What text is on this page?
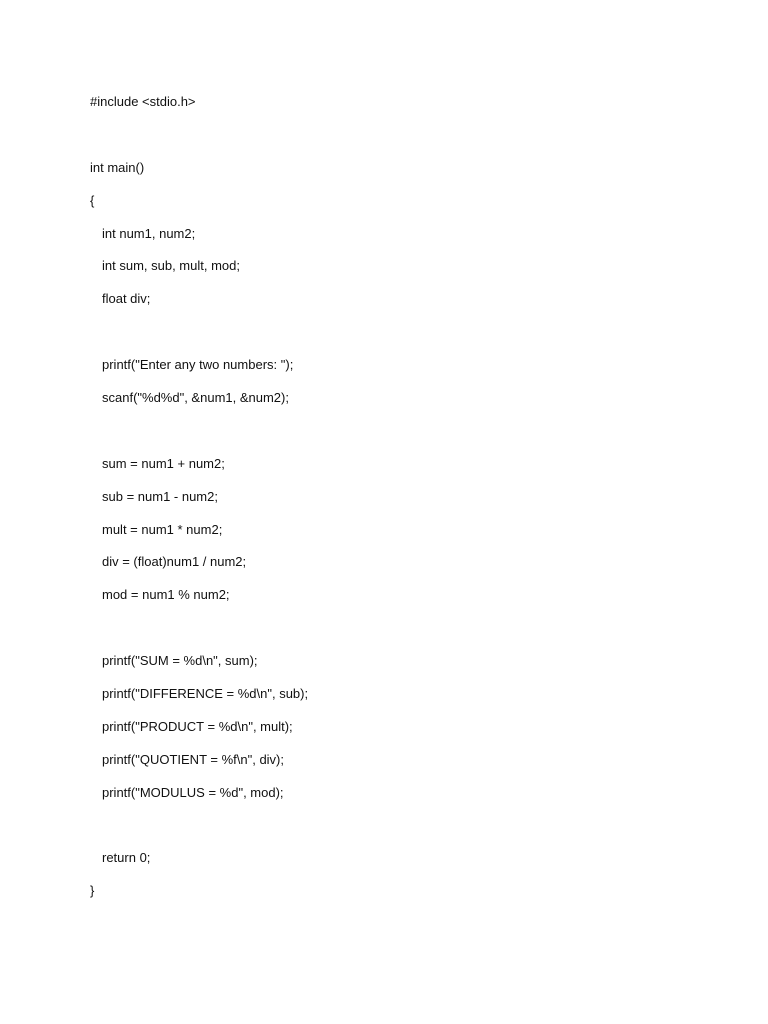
#include <stdio.h>
int main()
{
int num1, num2;
int sum, sub, mult, mod;
float div;
printf("Enter any two numbers: ");
scanf("%d%d", &num1, &num2);
sum = num1 + num2;
sub = num1 - num2;
mult = num1 * num2;
div = (float)num1 / num2;
mod = num1 % num2;
printf("SUM = %d\n", sum);
printf("DIFFERENCE = %d\n", sub);
printf("PRODUCT = %d\n", mult);
printf("QUOTIENT = %f\n", div);
printf("MODULUS = %d", mod);
return 0;
}
